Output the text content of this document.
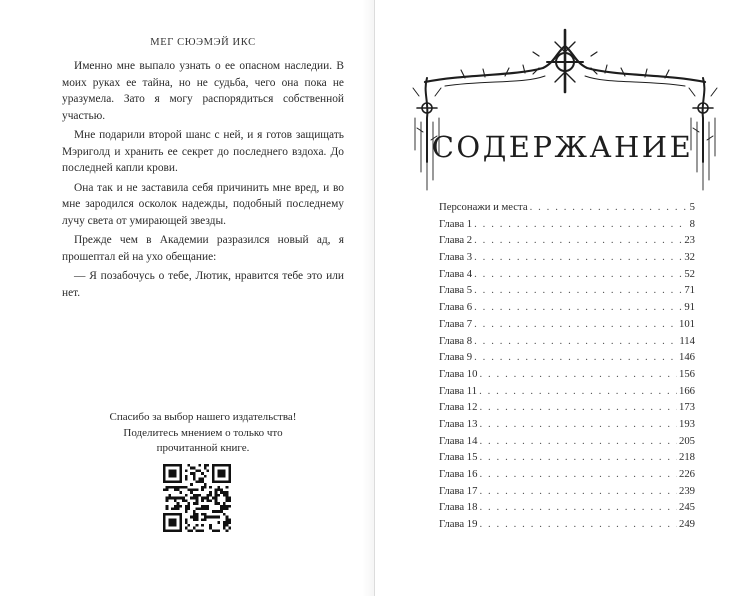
МЕГ СЮЭМЭЙ ИКС

Именно мне выпало узнать о ее опасном наследии. В моих руках ее тайна, но не судьба, чего она пока не уразумела. Зато я могу распорядиться собственной участью.

Мне подарили второй шанс с ней, и я готов защищать Мэриголд и хранить ее секрет до последнего вздоха. До последней капли крови.

Она так и не заставила себя причинить мне вред, и во мне зародился осколок надежды, подобный последнему лучу света от умирающей звезды.

Прежде чем в Академии разразился новый ад, я прошептал ей на ухо обещание:

— Я позабочусь о тебе, Лютик, нравится тебе это или нет.

Спасибо за выбор нашего издательства!
Поделитесь мнением о только что
прочитанной книге.
СОДЕРЖАНИЕ
Персонажи и места . . .	5
Глава 1 . . .	8
Глава 2 . . .	23
Глава 3 . . .	32
Глава 4 . . .	52
Глава 5 . . .	71
Глава 6 . . .	91
Глава 7 . . .	101
Глава 8 . . .	114
Глава 9 . . .	146
Глава 10 . . .	156
Глава 11 . . .	166
Глава 12 . . .	173
Глава 13 . . .	193
Глава 14 . . .	205
Глава 15 . . .	218
Глава 16 . . .	226
Глава 17 . . .	239
Глава 18 . . .	245
Глава 19 . . .	249
